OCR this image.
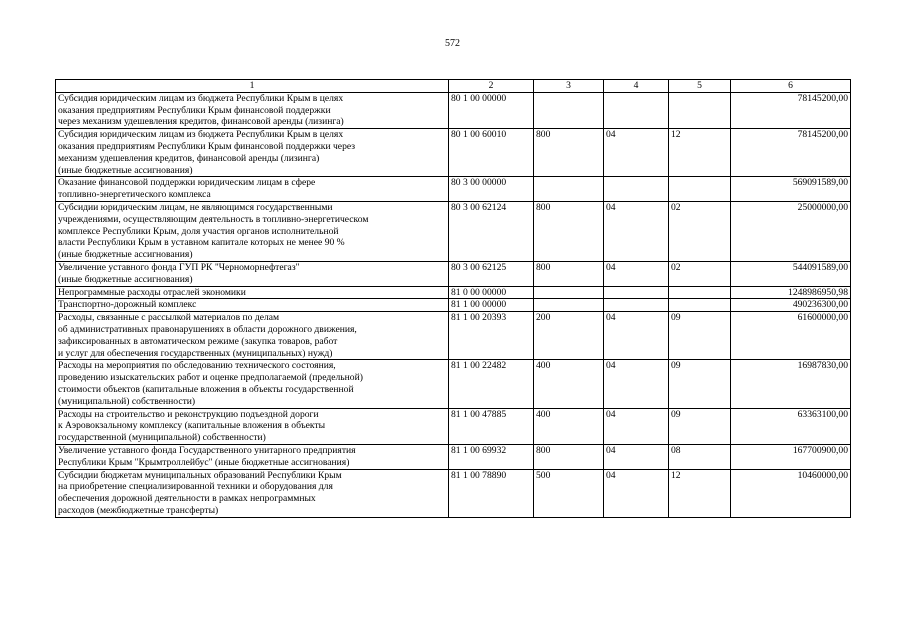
572
1	2	3	4	5	6
Субсидия юридическим лицам из бюджета Республики Крым в целях
оказания предприятиям Республики Крым финансовой поддержки
через механизм удешевления кредитов, финансовой аренды (лизинга)	80 1 00 00000				78145200,00
Субсидия юридическим лицам из бюджета Республики Крым в целях
оказания предприятиям Республики Крым финансовой поддержки через
механизм удешевления кредитов, финансовой аренды (лизинга)
(иные бюджетные ассигнования)	80 1 00 60010	800	04	12	78145200,00
Оказание финансовой поддержки юридическим лицам в сфере
топливно-энергетического комплекса	80 3 00 00000				569091589,00
Субсидии юридическим лицам, не являющимся государственными
учреждениями, осуществляющим деятельность в топливно-энергетическом
комплексе Республики Крым, доля участия органов исполнительной
власти Республики Крым в уставном капитале которых не менее 90 %
(иные бюджетные ассигнования)	80 3 00 62124	800	04	02	25000000,00
Увеличение уставного фонда ГУП РК "Черноморнефтегаз"
(иные бюджетные ассигнования)	80 3 00 62125	800	04	02	544091589,00
Непрограммные расходы отраслей экономики	81 0 00 00000				1248986950,98
Транспортно-дорожный комплекс	81 1 00 00000				490236300,00
Расходы, связанные с рассылкой материалов по делам
об административных правонарушениях в области дорожного движения,
зафиксированных в автоматическом режиме (закупка товаров, работ
и услуг для обеспечения государственных (муниципальных) нужд)	81 1 00 20393	200	04	09	61600000,00
Расходы на мероприятия по обследованию технического состояния,
проведению изыскательских работ и оценке предполагаемой (предельной)
стоимости объектов (капитальные вложения в объекты государственной
(муниципальной) собственности)	81 1 00 22482	400	04	09	16987830,00
Расходы на строительство и реконструкцию подъездной дороги
к Аэровокзальному комплексу (капитальные вложения в объекты
государственной (муниципальной) собственности)	81 1 00 47885	400	04	09	63363100,00
Увеличение уставного фонда Государственного унитарного предприятия
Республики Крым "Крымтроллейбус" (иные бюджетные ассигнования)	81 1 00 69932	800	04	08	167700900,00
Субсидии бюджетам муниципальных образований Республики Крым
на приобретение специализированной техники и оборудования для
обеспечения дорожной деятельности в рамках непрограммных
расходов (межбюджетные трансферты)	81 1 00 78890	500	04	12	10460000,00
